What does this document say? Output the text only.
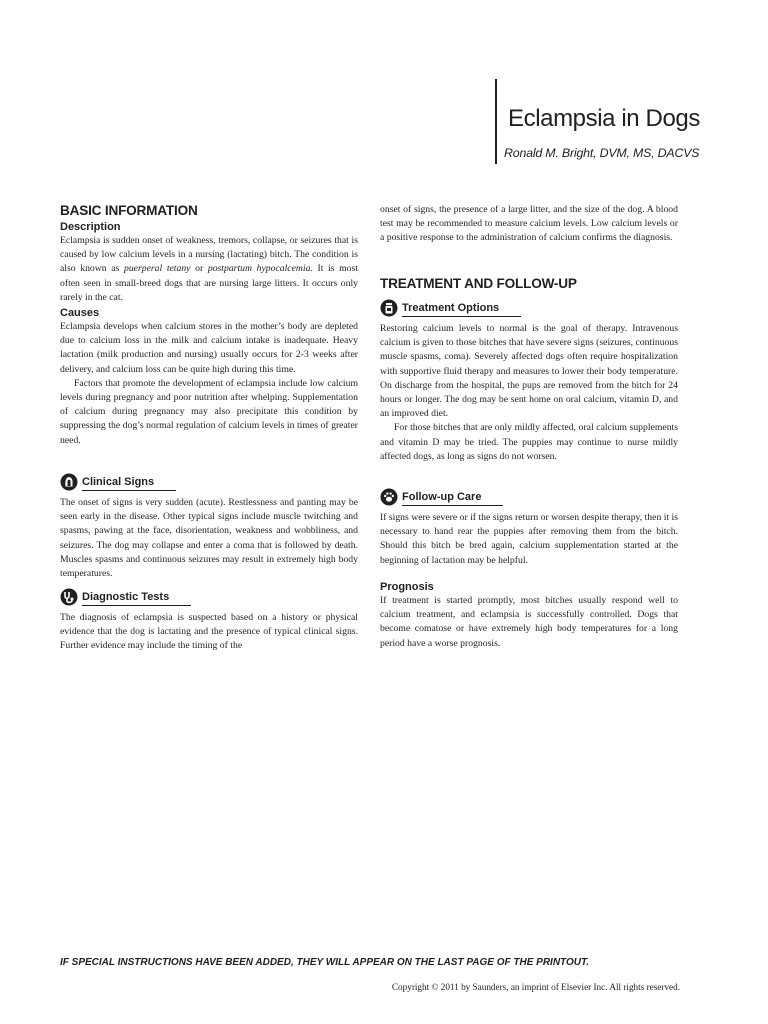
Eclampsia in Dogs
Ronald M. Bright, DVM, MS, DACVS
BASIC INFORMATION
Description

Eclampsia is sudden onset of weakness, tremors, collapse, or seizures that is caused by low calcium levels in a nursing (lactating) bitch. The condition is also known as puerperal tetany or postpartum hypocalcemia. It is most often seen in small-breed dogs that are nursing large litters. It occurs only rarely in the cat.

Causes

Eclampsia develops when calcium stores in the mother’s body are depleted due to calcium loss in the milk and calcium intake is inadequate. Heavy lactation (milk production and nursing) usually occurs for 2-3 weeks after delivery, and calcium loss can be quite high during this time.

Factors that promote the development of eclampsia include low calcium levels during pregnancy and poor nutrition after whelping. Supplementation of calcium during pregnancy may also precipitate this condition by suppressing the dog’s normal regulation of calcium levels in times of greater need.

Clinical Signs

The onset of signs is very sudden (acute). Restlessness and panting may be seen early in the disease. Other typical signs include muscle twitching and spasms, pawing at the face, disorientation, weakness and wobbliness, and seizures. The dog may collapse and enter a coma that is followed by death. Muscles spasms and continuous seizures may result in extremely high body temperatures.

Diagnostic Tests

The diagnosis of eclampsia is suspected based on a history or physical evidence that the dog is lactating and the presence of typical clinical signs. Further evidence may include the timing of the

onset of signs, the presence of a large litter, and the size of the dog. A blood test may be recommended to measure calcium levels. Low calcium levels or a positive response to the administration of calcium confirms the diagnosis.

TREATMENT AND FOLLOW-UP
Treatment Options

Restoring calcium levels to normal is the goal of therapy. Intravenous calcium is given to those bitches that have severe signs (seizures, continuous muscle spasms, coma). Severely affected dogs often require hospitalization with supportive fluid therapy and measures to lower their body temperature. On discharge from the hospital, the pups are removed from the bitch for 24 hours or longer. The dog may be sent home on oral calcium, vitamin D, and an improved diet.

For those bitches that are only mildly affected, oral calcium supplements and vitamin D may be tried. The puppies may continue to nurse mildly affected dogs, as long as signs do not worsen.

Follow-up Care

If signs were severe or if the signs return or worsen despite therapy, then it is necessary to hand rear the puppies after removing them from the bitch. Should this bitch be bred again, calcium supplementation started at the beginning of lactation may be helpful.

Prognosis

If treatment is started promptly, most bitches usually respond well to calcium treatment, and eclampsia is successfully controlled. Dogs that become comatose or have extremely high body temperatures for a long period have a worse prognosis.

IF SPECIAL INSTRUCTIONS HAVE BEEN ADDED, THEY WILL APPEAR ON THE LAST PAGE OF THE PRINTOUT.
Copyright © 2011 by Saunders, an imprint of Elsevier Inc. All rights reserved.
